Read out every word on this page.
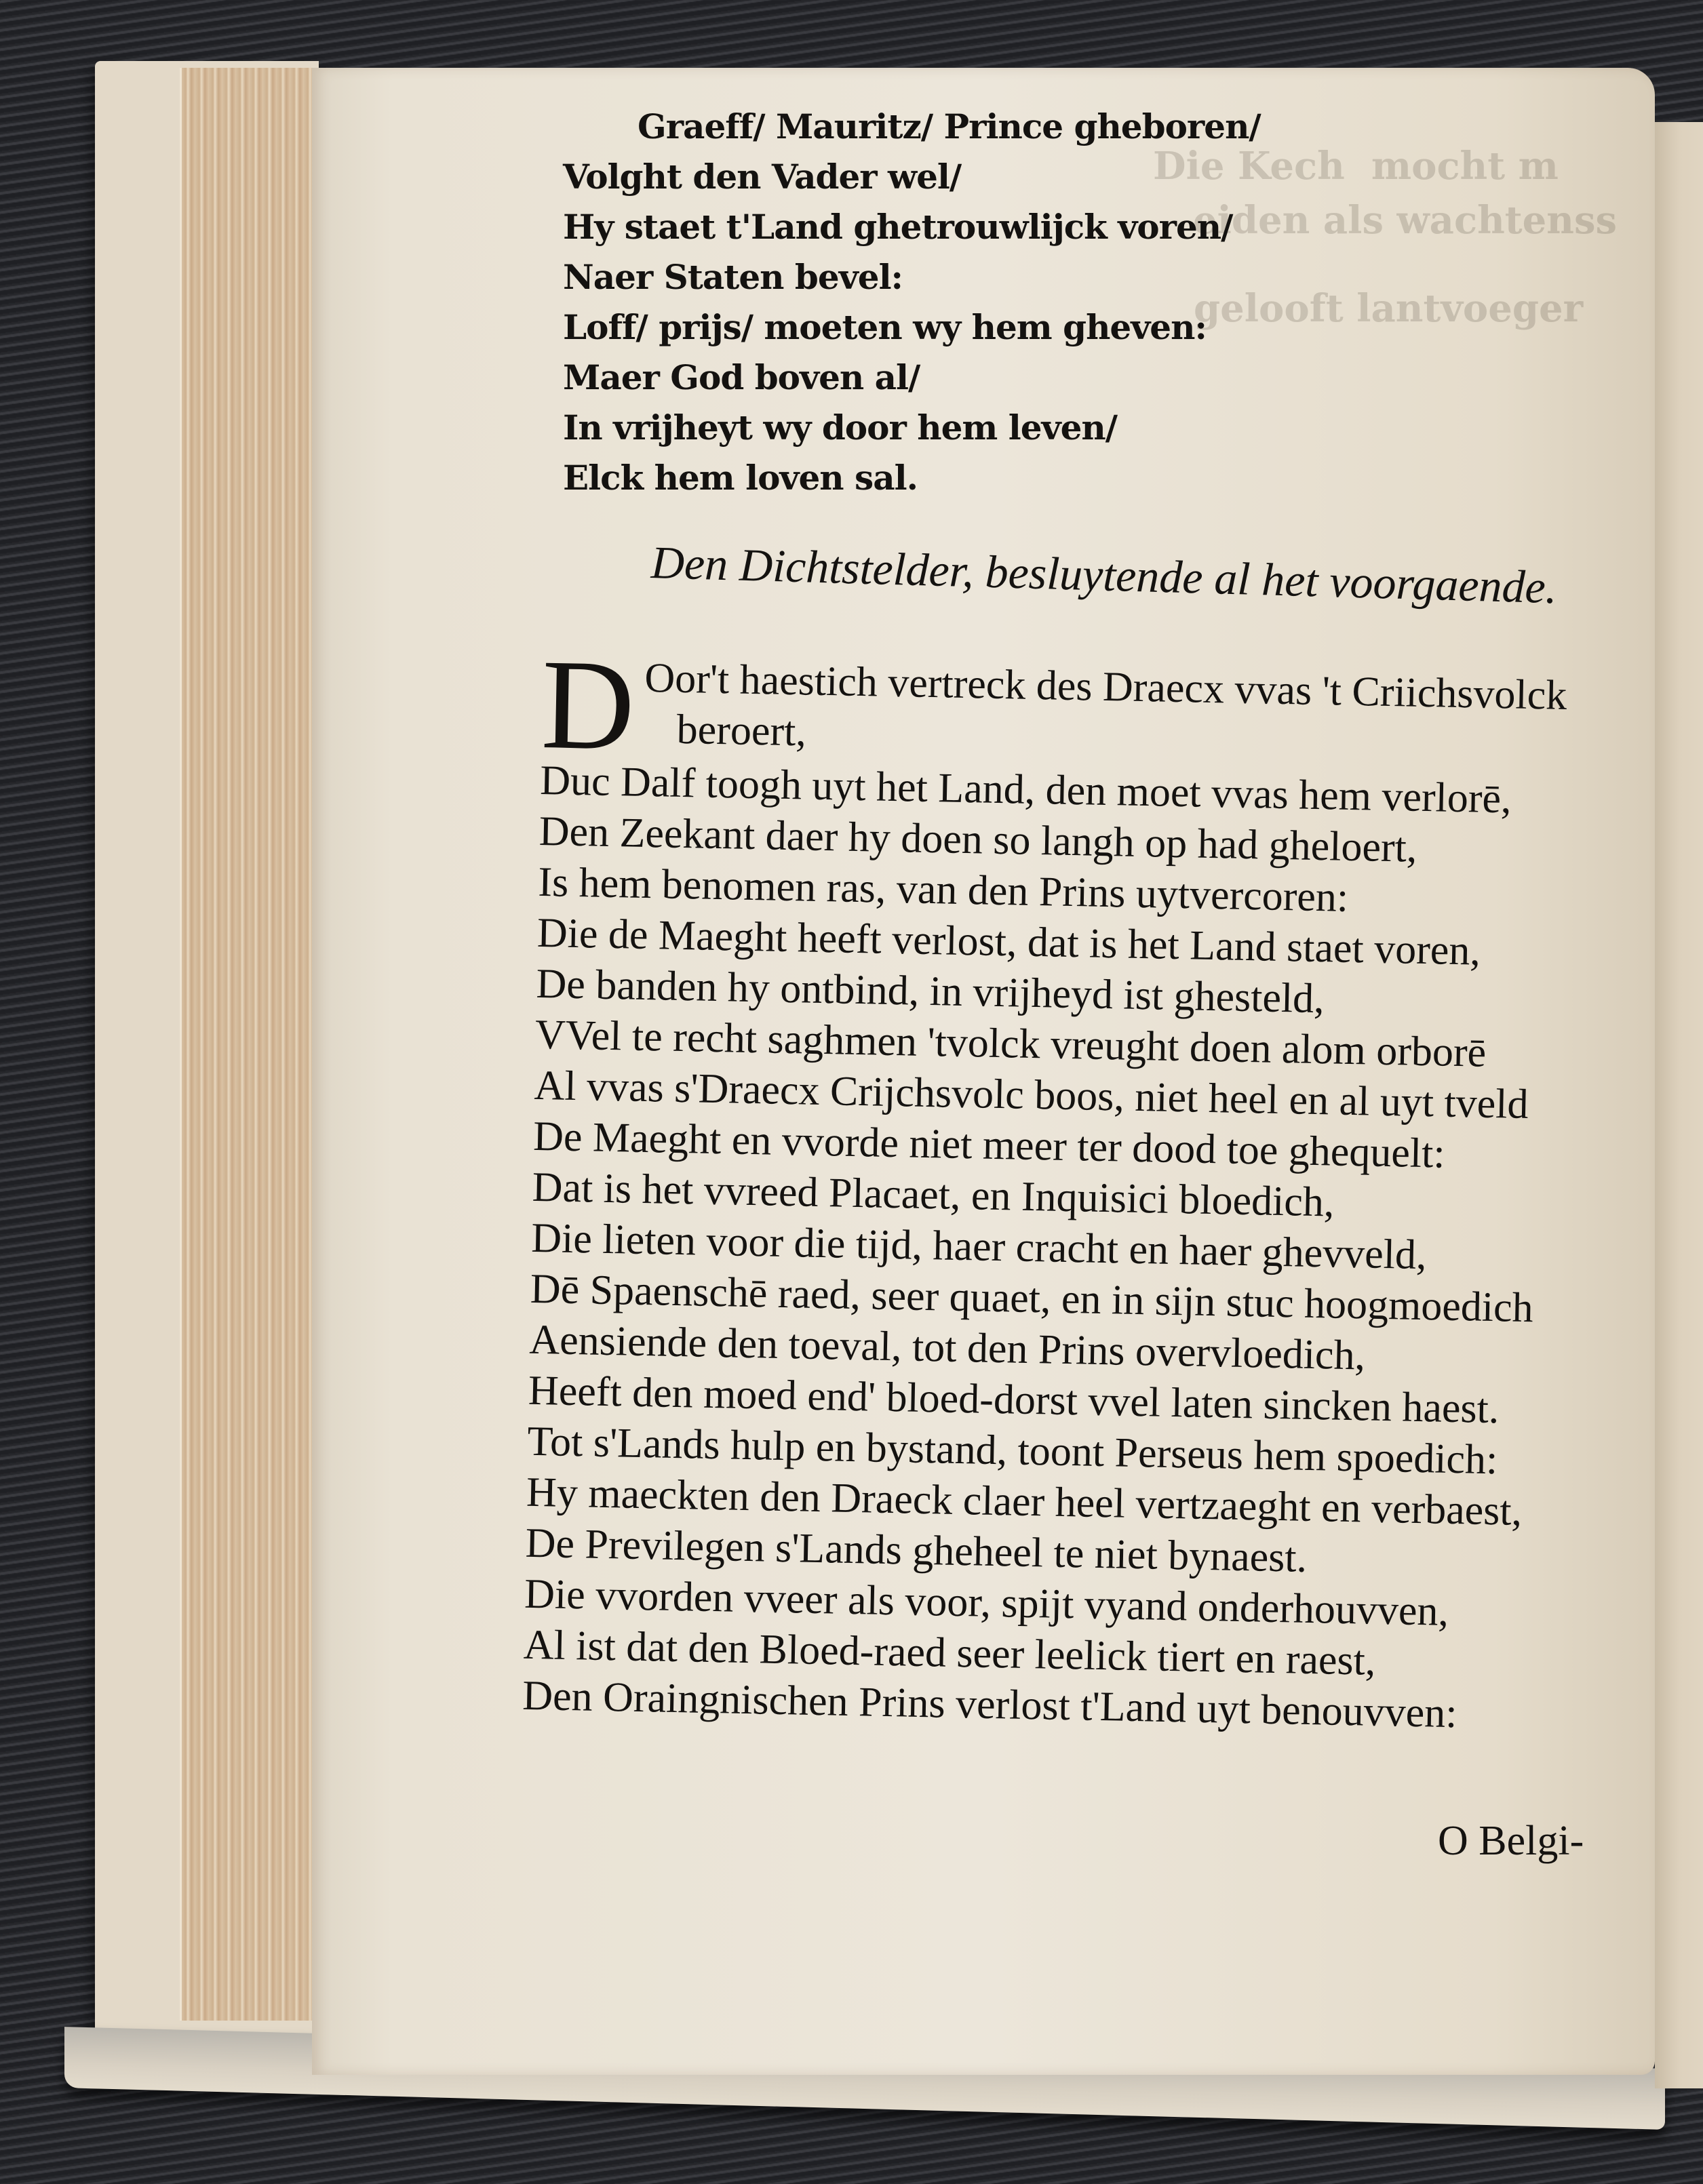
Die Kech  mocht m
eiden als wachtenss
gelooft lantvoeger
Graeff/ Mauritz/ Prince gheboren/
Volght den Vader wel/
Hy staet t'Land ghetrouwlijck voren/
Naer Staten bevel:
Loff/ prijs/ moeten wy hem gheven:
Maer God boven al/
In vrijheyt wy door hem leven/
Elck hem loven sal.
Den Dichtstelder, besluytende al het voorgaende.
D Oor't haestich vertreck des Draecx vvas 't Criichsvolck
beroert,
Duc Dalf toogh uyt het Land, den moet vvas hem verlorē,
Den Zeekant daer hy doen so langh op had gheloert,
Is hem benomen ras, van den Prins uytvercoren:
Die de Maeght heeft verlost, dat is het Land staet voren,
De banden hy ontbind, in vrijheyd ist ghesteld,
VVel te recht saghmen 'tvolck vreught doen alom orborē
Al vvas s'Draecx Crijchsvolc boos, niet heel en al uyt tveld
De Maeght en vvorde niet meer ter dood toe ghequelt:
Dat is het vvreed Placaet, en Inquisici bloedich,
Die lieten voor die tijd, haer cracht en haer ghevveld,
Dē Spaenschē raed, seer quaet, en in sijn stuc hoogmoedich
Aensiende den toeval, tot den Prins overvloedich,
Heeft den moed end' bloed-dorst vvel laten sincken haest.
Tot s'Lands hulp en bystand, toont Perseus hem spoedich:
Hy maeckten den Draeck claer heel vertzaeght en verbaest,
De Previlegen s'Lands gheheel te niet bynaest.
Die vvorden vveer als voor, spijt vyand onderhouvven,
Al ist dat den Bloed-raed seer leelick tiert en raest,
Den Oraingnischen Prins verlost t'Land uyt benouvven:
O Belgi-
